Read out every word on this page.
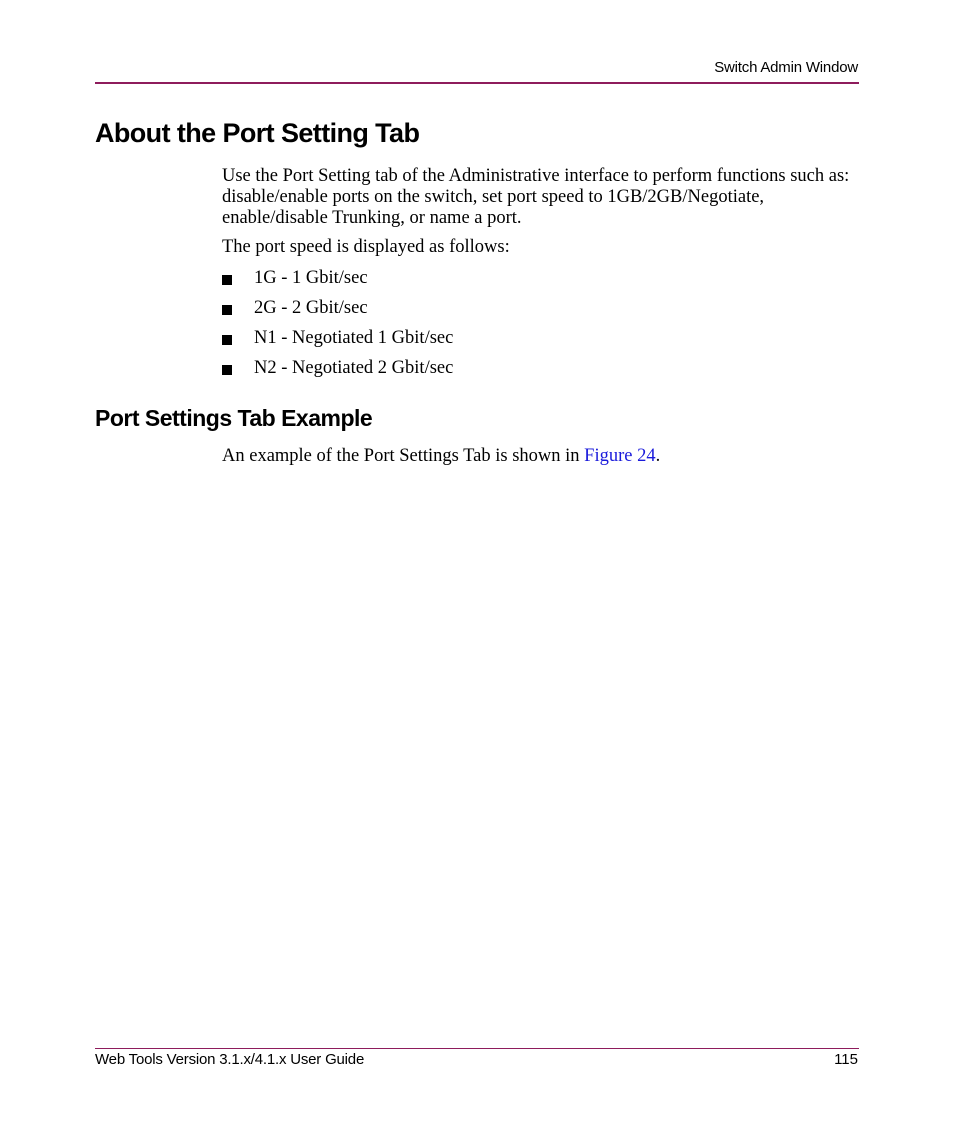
Switch Admin Window
About the Port Setting Tab

Use the Port Setting tab of the Administrative interface to perform functions such as: disable/enable ports on the switch, set port speed to 1GB/2GB/Negotiate, enable/disable Trunking, or name a port.

The port speed is displayed as follows:

1G - 1 Gbit/sec
2G - 2 Gbit/sec
N1 - Negotiated 1 Gbit/sec
N2 - Negotiated 2 Gbit/sec
Port Settings Tab Example

An example of the Port Settings Tab is shown in Figure 24.

Web Tools Version 3.1.x/4.1.x User Guide	115
